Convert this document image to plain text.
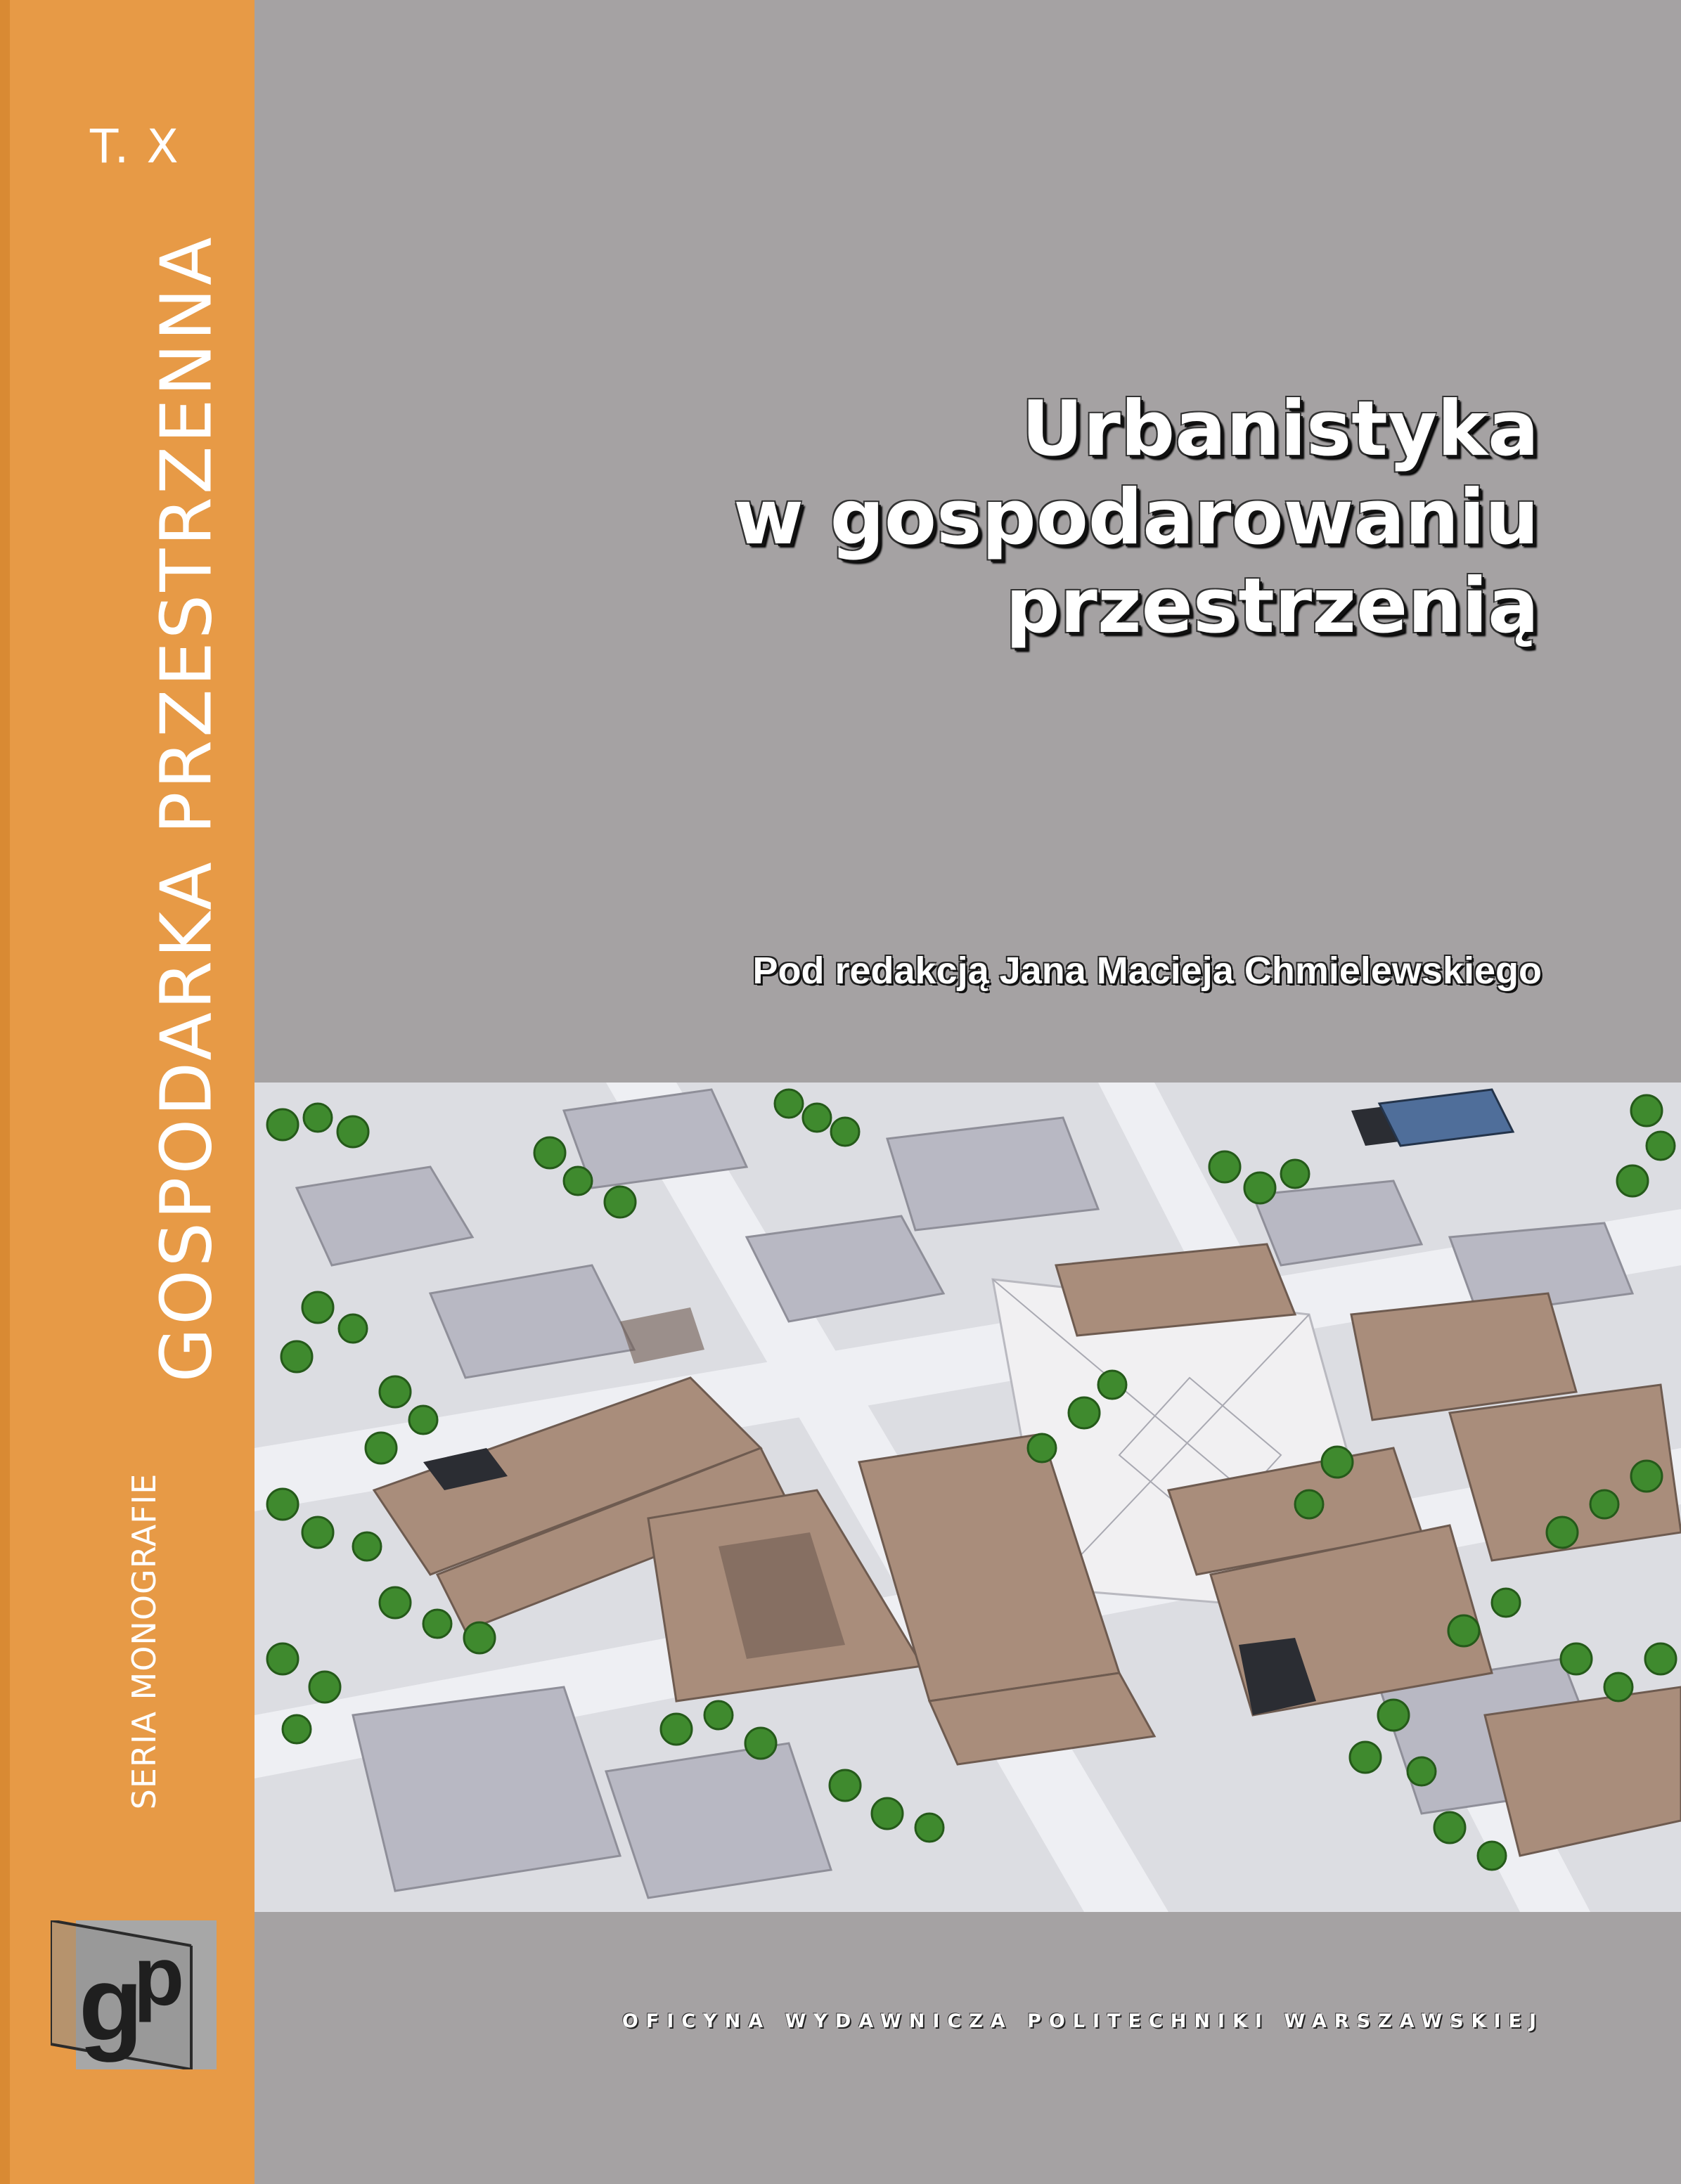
T. X
GOSPODARKA PRZESTRZENNA
SERIA MONOGRAFIE
g
p
Urbanistyka
w gospodarowaniu
przestrzenią
Pod redakcją Jana Macieja Chmielewskiego
OFICYNA WYDAWNICZA POLITECHNIKI WARSZAWSKIEJ
